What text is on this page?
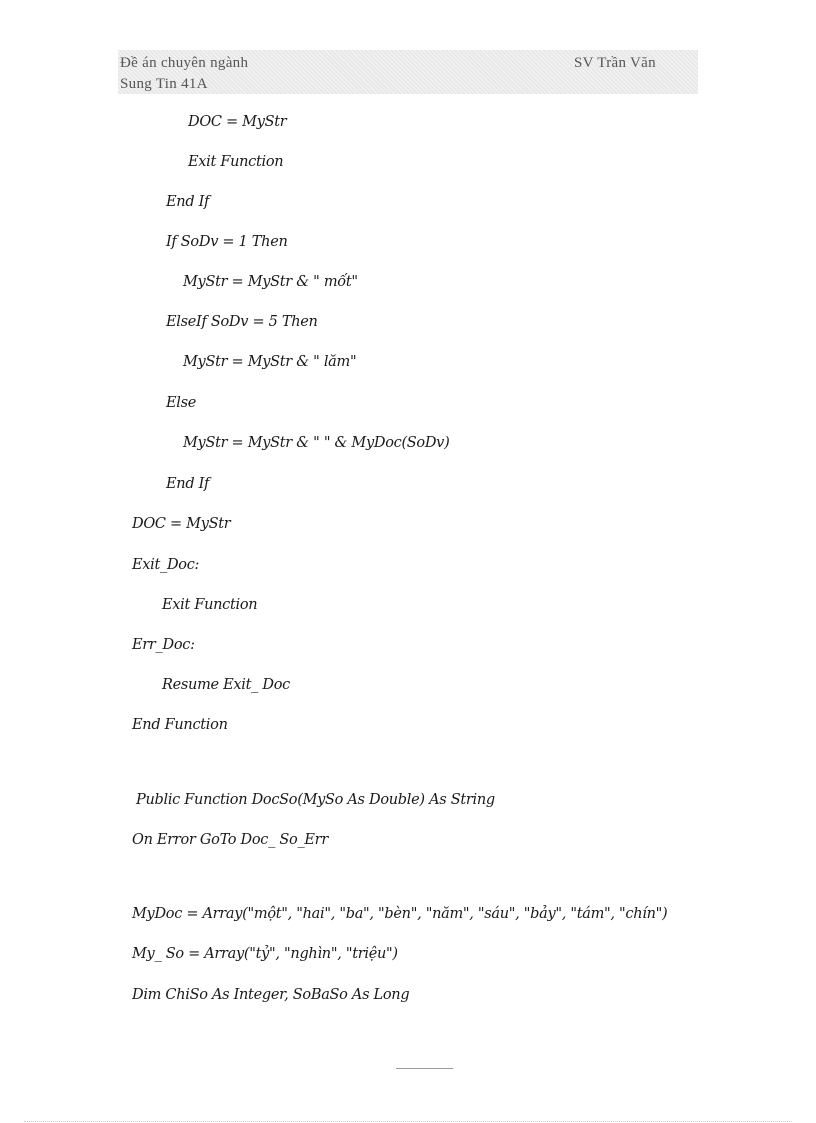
Đề án chuyên ngành
Sung Tin 41A
SV Trần Văn
DOC = MyStr
Exit Function
End If
If SoDv = 1 Then
MyStr = MyStr & " mốt"
ElseIf SoDv = 5 Then
MyStr = MyStr & " lăm"
Else
MyStr = MyStr & " " & MyDoc(SoDv)
End If
DOC = MyStr
Exit_Doc:
Exit Function
Err_Doc:
Resume Exit_ Doc
End Function
Public Function DocSo(MySo As Double) As String
On Error GoTo Doc_ So_Err
MyDoc = Array("một", "hai", "ba", "bèn", "năm", "sáu", "bảy", "tám", "chín")
My_ So = Array("tỷ", "nghìn", "triệu")
Dim ChiSo As Integer, SoBaSo As Long
